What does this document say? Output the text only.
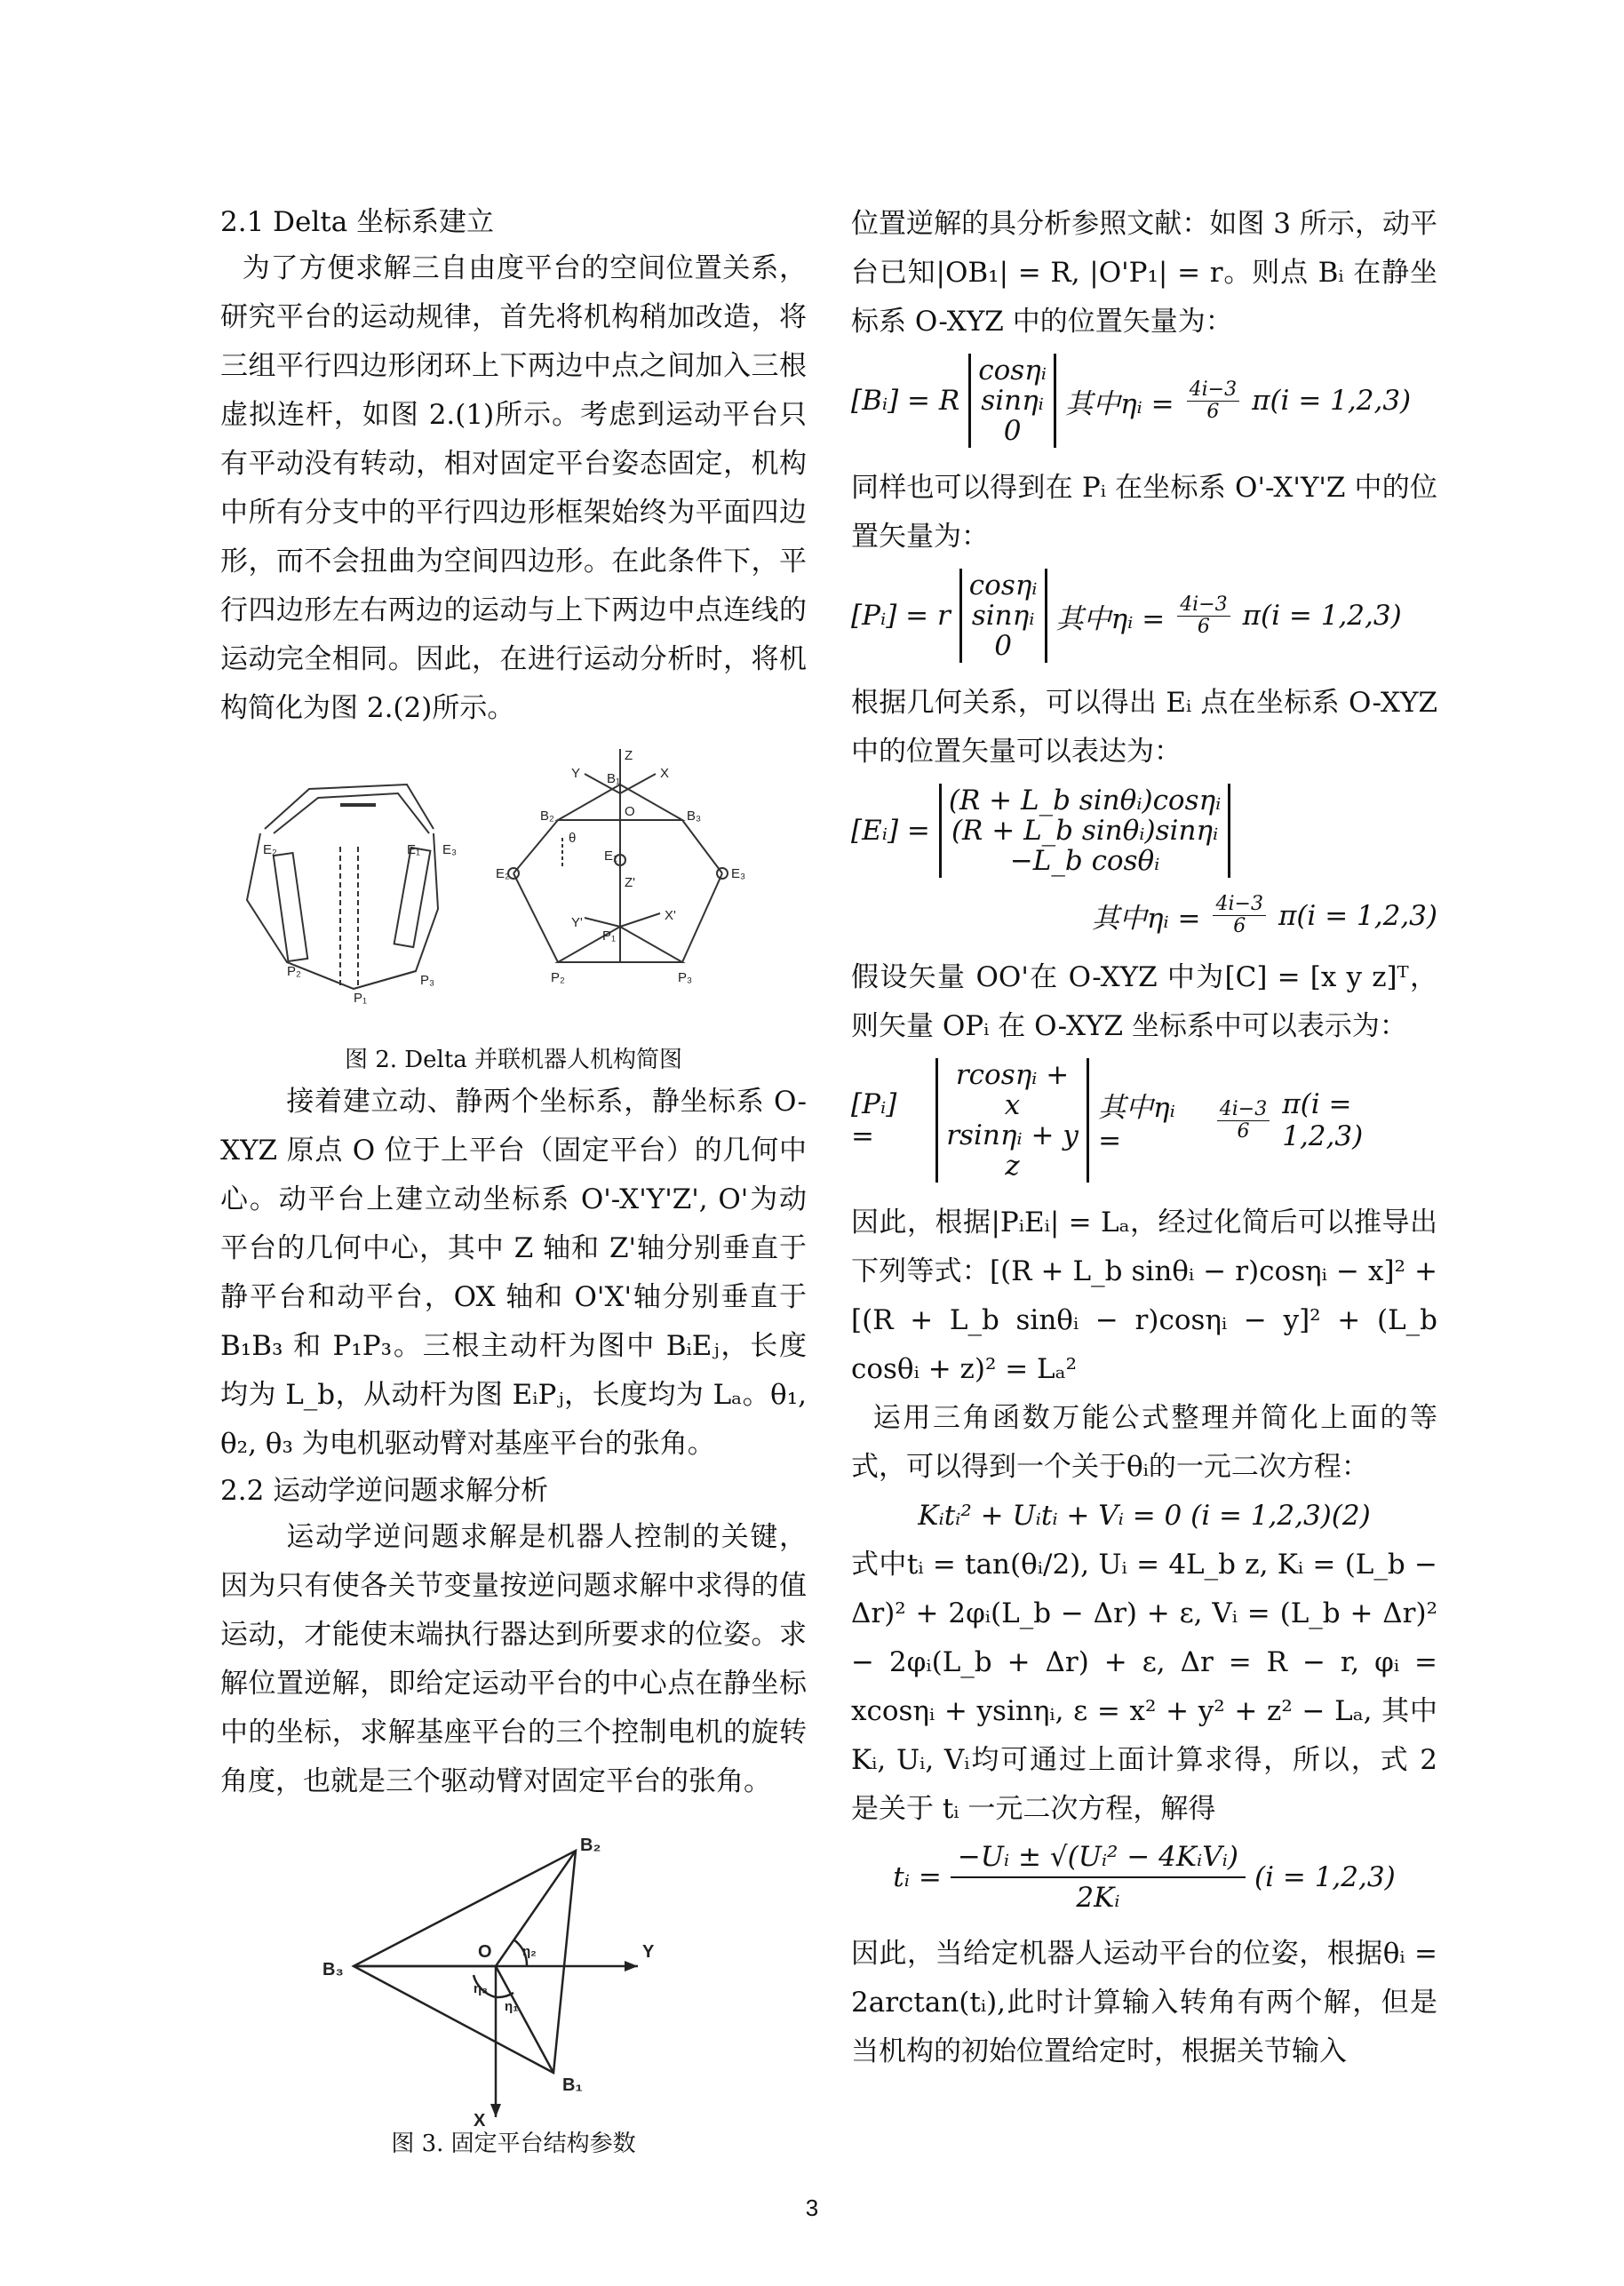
2.1 Delta 坐标系建立
为了方便求解三自由度平台的空间位置关系，研究平台的运动规律，首先将机构稍加改造，将三组平行四边形闭环上下两边中点之间加入三根虚拟连杆，如图 2.(1)所示。考虑到运动平台只有平动没有转动，相对固定平台姿态固定，机构中所有分支中的平行四边形框架始终为平面四边形，而不会扭曲为空间四边形。在此条件下，平行四边形左右两边的运动与上下两边中点连线的运动完全相同。因此，在进行运动分析时，将机构简化为图 2.(2)所示。
Z
Y	X
B₁
B₂	B₃
O
θ
E₁
E₂	E₃
Z'
Y'	X'
P₁
P₂	P₃
E₁
E₂	E₃
P₁
P₂
P₃
图 2. Delta 并联机器人机构简图
接着建立动、静两个坐标系，静坐标系 O-XYZ 原点 O 位于上平台（固定平台）的几何中心。动平台上建立动坐标系 O'-X'Y'Z', O'为动平台的几何中心，其中 Z 轴和 Z'轴分别垂直于静平台和动平台，OX 轴和 O'X'轴分别垂直于 B₁B₃ 和 P₁P₃。三根主动杆为图中 BᵢEⱼ，长度均为 L_b，从动杆为图 EᵢPⱼ，长度均为 Lₐ。θ₁, θ₂, θ₃ 为电机驱动臂对基座平台的张角。
2.2 运动学逆问题求解分析
运动学逆问题求解是机器人控制的关键，因为只有使各关节变量按逆问题求解中求得的值运动，才能使末端执行器达到所要求的位姿。求解位置逆解，即给定运动平台的中心点在静坐标中的坐标，求解基座平台的三个控制电机的旋转角度，也就是三个驱动臂对固定平台的张角。
B₂
O	Y
B₃
η₂
η₃
η₁
B₁
X
图 3. 固定平台结构参数
位置逆解的具分析参照文献：如图 3 所示，动平台已知|OB₁| = R, |O'P₁| = r。则点 Bᵢ 在静坐标系 O-XYZ 中的位置矢量为：
[Bᵢ] = R
cosηᵢ
sinηᵢ
0
其中ηᵢ = $\frac{4i-3}{6} \pi(i = 1,2,3)$
同样也可以得到在 Pᵢ 在坐标系 O'-X'Y'Z 中的位置矢量为：
[Pᵢ] = r
cosηᵢ
sinηᵢ
0
其中ηᵢ = $\frac{4i-3}{6} \pi(i = 1,2,3)$
根据几何关系，可以得出 Eᵢ 点在坐标系 O-XYZ 中的位置矢量可以表达为：
[Eᵢ] =
(R + L_b sinθᵢ)cosηᵢ
(R + L_b sinθᵢ)sinηᵢ
−L_b cosθᵢ
其中ηᵢ = $\frac{4i-3}{6} \pi(i = 1,2,3)$
假设矢量 OO'在 O-XYZ 中为[C] = [x y z]ᵀ，则矢量 OPᵢ 在 O-XYZ 坐标系中可以表示为：
[Pᵢ] =
rcosηᵢ + x
rsinηᵢ + y
z
其中ηᵢ =	$\frac{4i-3}{6} \pi(i = 1,2,3)$
因此，根据|PᵢEᵢ| = Lₐ，经过化简后可以推导出下列等式：[(R + L_b sinθᵢ − r)cosηᵢ − x]² + [(R + L_b sinθᵢ − r)cosηᵢ − y]² + (L_b cosθᵢ + z)² = Lₐ²
运用三角函数万能公式整理并简化上面的等式，可以得到一个关于θᵢ的一元二次方程：
Kᵢtᵢ² + Uᵢtᵢ + Vᵢ = 0 (i = 1,2,3)(2)
式中tᵢ = tan(θᵢ/2), Uᵢ = 4L_b z, Kᵢ = (L_b − Δr)² + 2φᵢ(L_b − Δr) + ε, Vᵢ = (L_b + Δr)² − 2φᵢ(L_b + Δr) + ε, Δr = R − r, φᵢ = xcosηᵢ + ysinηᵢ, ε = x² + y² + z² − Lₐ, 其中Kᵢ, Uᵢ, Vᵢ均可通过上面计算求得，所以，式 2 是关于 tᵢ 一元二次方程，解得
tᵢ =
−Uᵢ ± √(Uᵢ² − 4KᵢVᵢ)
2Kᵢ
(i = 1,2,3)
因此，当给定机器人运动平台的位姿，根据θᵢ = 2arctan(tᵢ),此时计算输入转角有两个解，但是当机构的初始位置给定时，根据关节输入
3
